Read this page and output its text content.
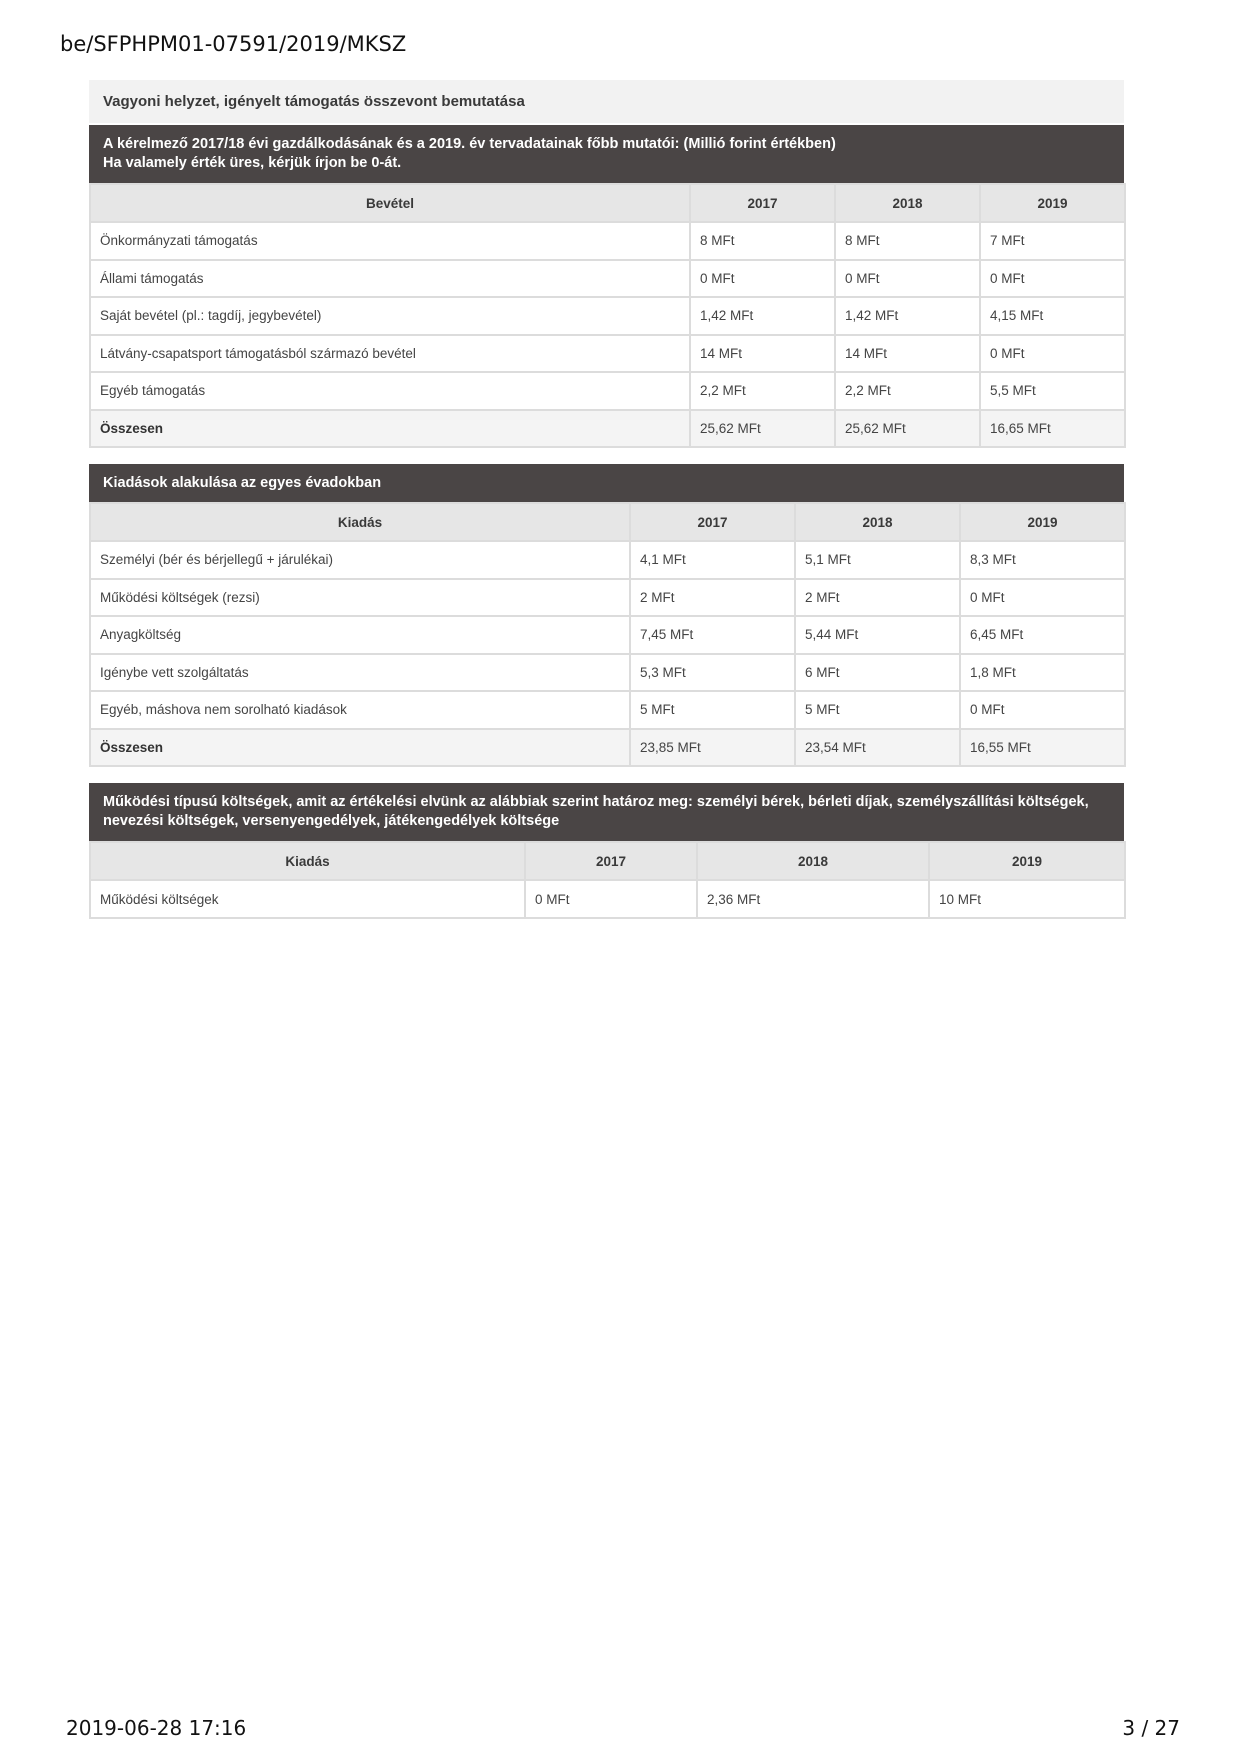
be/SFPHPM01-07591/2019/MKSZ
Vagyoni helyzet, igényelt támogatás összevont bemutatása
A kérelmező 2017/18 évi gazdálkodásának és a 2019. év tervadatainak főbb mutatói: (Millió forint értékben)
Ha valamely érték üres, kérjük írjon be 0-át.
Bevétel	2017	2018	2019
Önkormányzati támogatás	8 MFt	8 MFt	7 MFt
Állami támogatás	0 MFt	0 MFt	0 MFt
Saját bevétel (pl.: tagdíj, jegybevétel)	1,42 MFt	1,42 MFt	4,15 MFt
Látvány-csapatsport támogatásból származó bevétel	14 MFt	14 MFt	0 MFt
Egyéb támogatás	2,2 MFt	2,2 MFt	5,5 MFt
Összesen	25,62 MFt	25,62 MFt	16,65 MFt
Kiadások alakulása az egyes évadokban
Kiadás	2017	2018	2019
Személyi (bér és bérjellegű + járulékai)	4,1 MFt	5,1 MFt	8,3 MFt
Működési költségek (rezsi)	2 MFt	2 MFt	0 MFt
Anyagköltség	7,45 MFt	5,44 MFt	6,45 MFt
Igénybe vett szolgáltatás	5,3 MFt	6 MFt	1,8 MFt
Egyéb, máshova nem sorolható kiadások	5 MFt	5 MFt	0 MFt
Összesen	23,85 MFt	23,54 MFt	16,55 MFt
Működési típusú költségek, amit az értékelési elvünk az alábbiak szerint határoz meg: személyi bérek, bérleti díjak, személyszállítási költségek,
nevezési költségek, versenyengedélyek, játékengedélyek költsége
Kiadás	2017	2018	2019
Működési költségek	0 MFt	2,36 MFt	10 MFt
2019-06-28 17:16	3 / 27
